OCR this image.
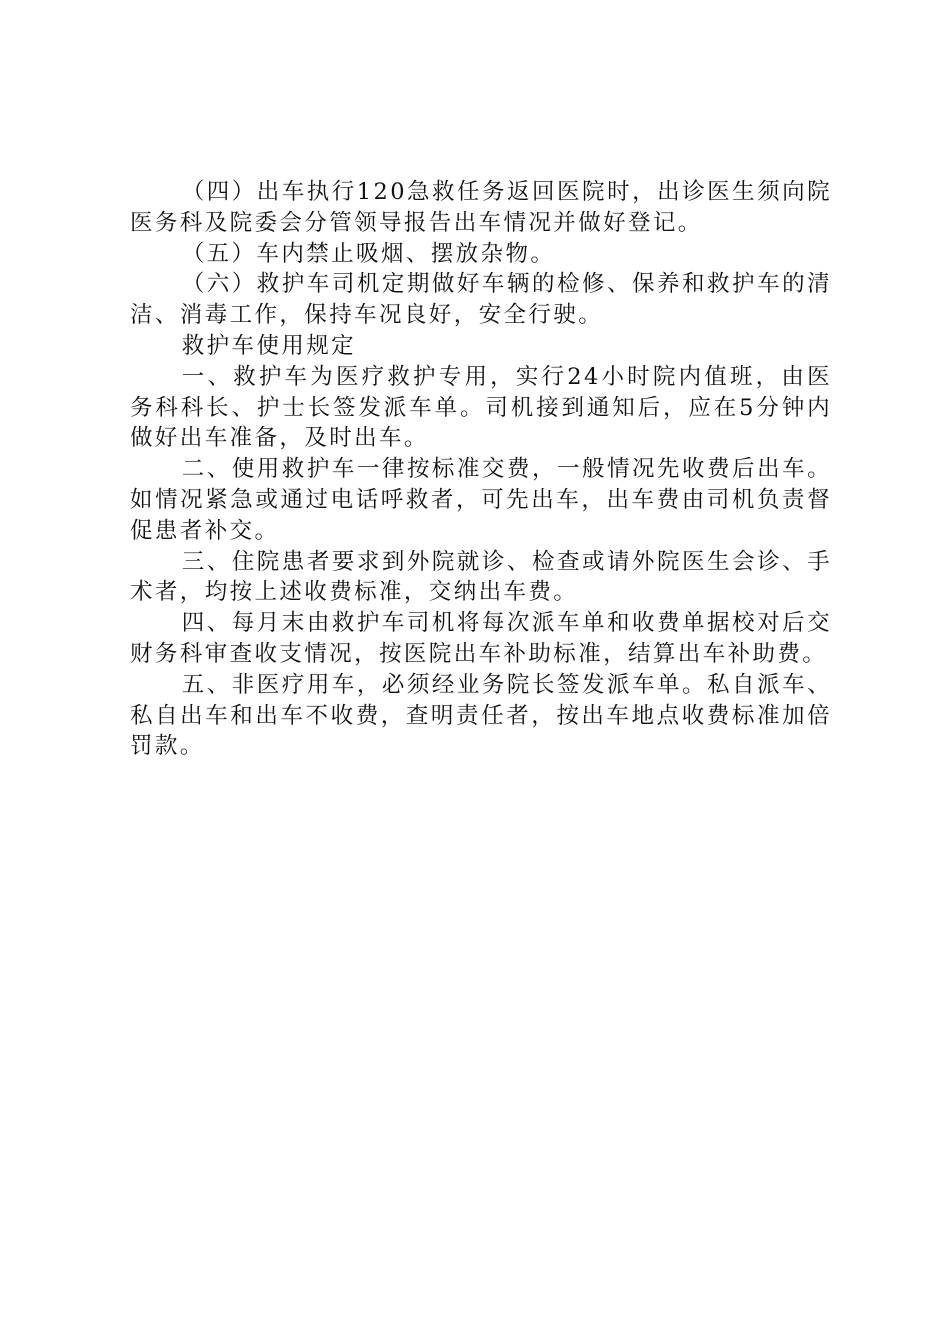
（四）出车执行120急救任务返回医院时，出诊医生须向院医务科及院委会分管领导报告出车情况并做好登记。

（五）车内禁止吸烟、摆放杂物。

（六）救护车司机定期做好车辆的检修、保养和救护车的清洁、消毒工作，保持车况良好，安全行驶。

救护车使用规定

一、救护车为医疗救护专用，实行24小时院内值班，由医务科科长、护士长签发派车单。司机接到通知后，应在5分钟内做好出车准备，及时出车。

二、使用救护车一律按标准交费，一般情况先收费后出车。如情况紧急或通过电话呼救者，可先出车，出车费由司机负责督促患者补交。

三、住院患者要求到外院就诊、检查或请外院医生会诊、手术者，均按上述收费标准，交纳出车费。

四、每月末由救护车司机将每次派车单和收费单据校对后交财务科审查收支情况，按医院出车补助标准，结算出车补助费。

五、非医疗用车，必须经业务院长签发派车单。私自派车、私自出车和出车不收费，查明责任者，按出车地点收费标准加倍罚款。
